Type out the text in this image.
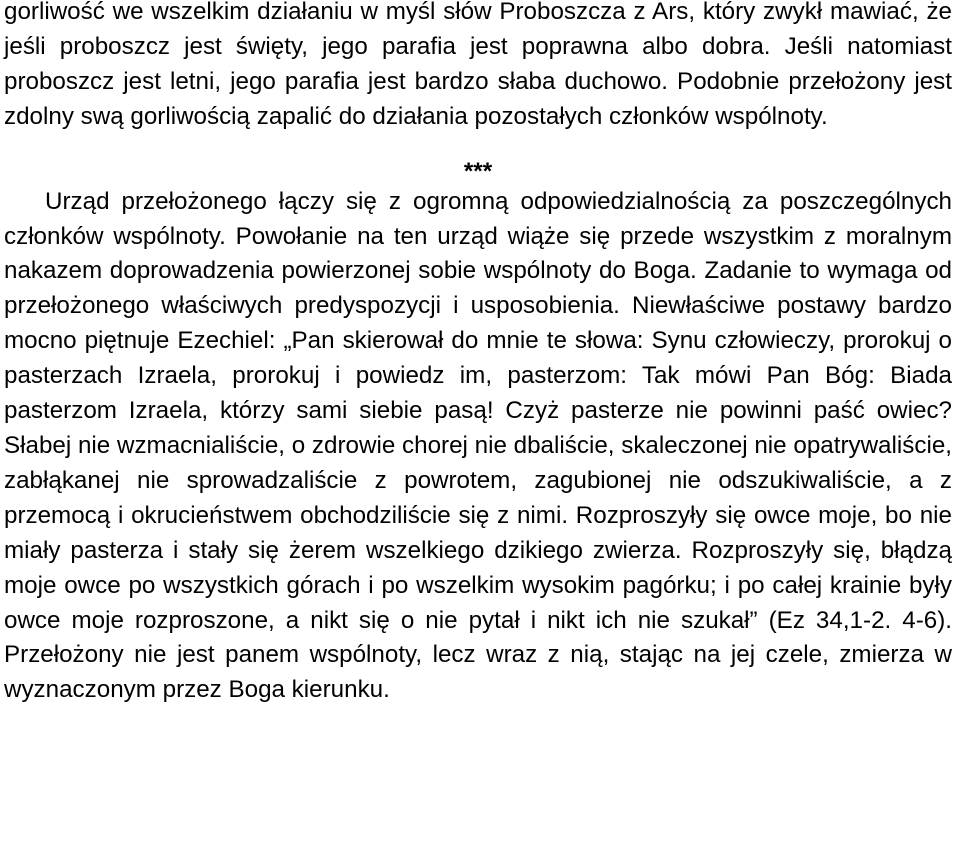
gorliwość we wszelkim działaniu w myśl słów Proboszcza z Ars, który zwykł mawiać, że jeśli proboszcz jest święty, jego parafia jest poprawna albo dobra. Jeśli natomiast proboszcz jest letni, jego parafia jest bardzo słaba duchowo. Podobnie przełożony jest zdolny swą gorliwością zapalić do działania pozostałych członków wspólnoty.

***

Urząd przełożonego łączy się z ogromną odpowiedzialnością za poszczególnych członków wspólnoty. Powołanie na ten urząd wiąże się przede wszystkim z moralnym nakazem doprowadzenia powierzonej sobie wspólnoty do Boga. Zadanie to wymaga od przełożonego właściwych predyspozycji i usposobienia. Niewłaściwe postawy bardzo mocno piętnuje Ezechiel: „Pan skierował do mnie te słowa: Synu człowieczy, prorokuj o pasterzach Izraela, prorokuj i powiedz im, pasterzom: Tak mówi Pan Bóg: Biada pasterzom Izraela, którzy sami siebie pasą! Czyż pasterze nie powinni paść owiec? Słabej nie wzmacnialiście, o zdrowie chorej nie dbaliście, skaleczonej nie opatrywaliście, zabłąkanej nie sprowadzaliście z powrotem, zagubionej nie odszukiwaliście, a z przemocą i okrucieństwem obchodziliście się z nimi. Rozproszyły się owce moje, bo nie miały pasterza i stały się żerem wszelkiego dzikiego zwierza. Rozproszyły się, błądzą moje owce po wszystkich górach i po wszelkim wysokim pagórku; i po całej krainie były owce moje rozproszone, a nikt się o nie pytał i nikt ich nie szukał” (Ez 34,1-2. 4-6). Przełożony nie jest panem wspólnoty, lecz wraz z nią, stając na jej czele, zmierza w wyznaczonym przez Boga kierunku.
